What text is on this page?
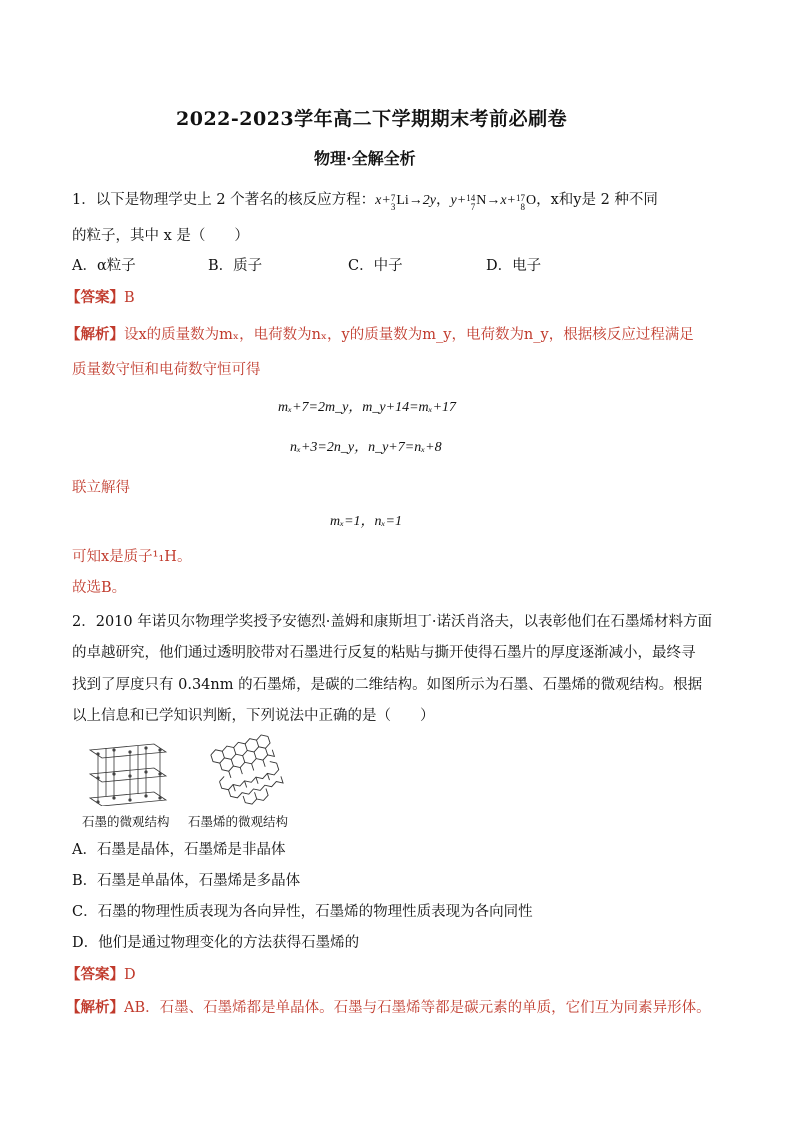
2022-2023学年高二下学期期末考前必刷卷
物理·全解全析
1．以下是物理学史上 2 个著名的核反应方程：x+ 7
3 Li→2y，y+ 14
7 N→x+ 17
8 O，x和y是 2 种不同
的粒子，其中 x 是（　　）
A．α粒子	B．质子	C．中子	D．电子
【答案】B
【解析】设x的质量数为mₓ，电荷数为nₓ，y的质量数为m_y，电荷数为n_y，根据核反应过程满足
质量数守恒和电荷数守恒可得
mₓ+7=2m_y，m_y+14=mₓ+17
nₓ+3=2n_y，n_y+7=nₓ+8
联立解得
mₓ=1，nₓ=1
可知x是质子¹₁H。
故选B。
2．2010 年诺贝尔物理学奖授予安德烈·盖姆和康斯坦丁·诺沃肖洛夫，以表彰他们在石墨烯材料方面
的卓越研究，他们通过透明胶带对石墨进行反复的粘贴与撕开使得石墨片的厚度逐渐减小，最终寻
找到了厚度只有 0.34nm 的石墨烯，是碳的二维结构。如图所示为石墨、石墨烯的微观结构。根据
以上信息和已学知识判断，下列说法中正确的是（　　）
石墨的微观结构 石墨烯的微观结构
A．石墨是晶体，石墨烯是非晶体
B．石墨是单晶体，石墨烯是多晶体
C．石墨的物理性质表现为各向异性，石墨烯的物理性质表现为各向同性
D．他们是通过物理变化的方法获得石墨烯的
【答案】D
【解析】AB．石墨、石墨烯都是单晶体。石墨与石墨烯等都是碳元素的单质，它们互为同素异形体。
